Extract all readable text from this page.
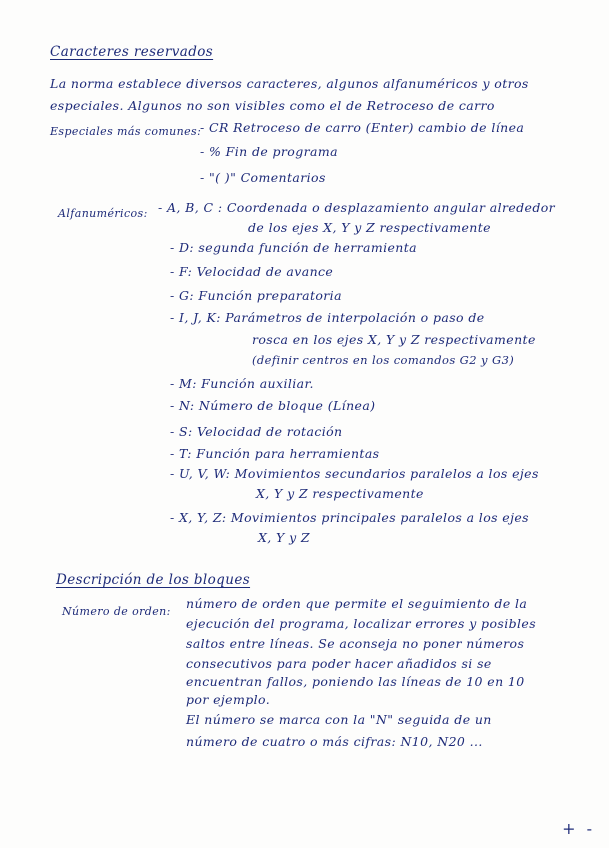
Caracteres reservados
La norma establece diversos caracteres, algunos alfanuméricos y otros
especiales. Algunos no son visibles como el de Retroceso de carro
Especiales más comunes:
- CR Retroceso de carro (Enter) cambio de línea
- % Fin de programa
- "( )" Comentarios
Alfanuméricos: - A, B, C : Coordenada o desplazamiento angular alrededor
de los ejes X, Y y Z respectivamente
- D: segunda función de herramienta
- F: Velocidad de avance
- G: Función preparatoria
- I, J, K: Parámetros de interpolación o paso de
rosca en los ejes X, Y y Z respectivamente
(definir centros en los comandos G2 y G3)
- M: Función auxiliar.
- N: Número de bloque (Línea)
- S: Velocidad de rotación
- T: Función para herramientas
- U, V, W: Movimientos secundarios paralelos a los ejes
X, Y y Z respectivamente
- X, Y, Z: Movimientos principales paralelos a los ejes
X, Y y Z
Descripción de los bloques
Número de orden:
número de orden que permite el seguimiento de la
ejecución del programa, localizar errores y posibles
saltos entre líneas. Se aconseja no poner números
consecutivos para poder hacer añadidos si se
encuentran fallos, poniendo las líneas de 10 en 10
por ejemplo.
El número se marca con la "N" seguida de un
número de cuatro o más cifras: N10, N20 ...
+ -
